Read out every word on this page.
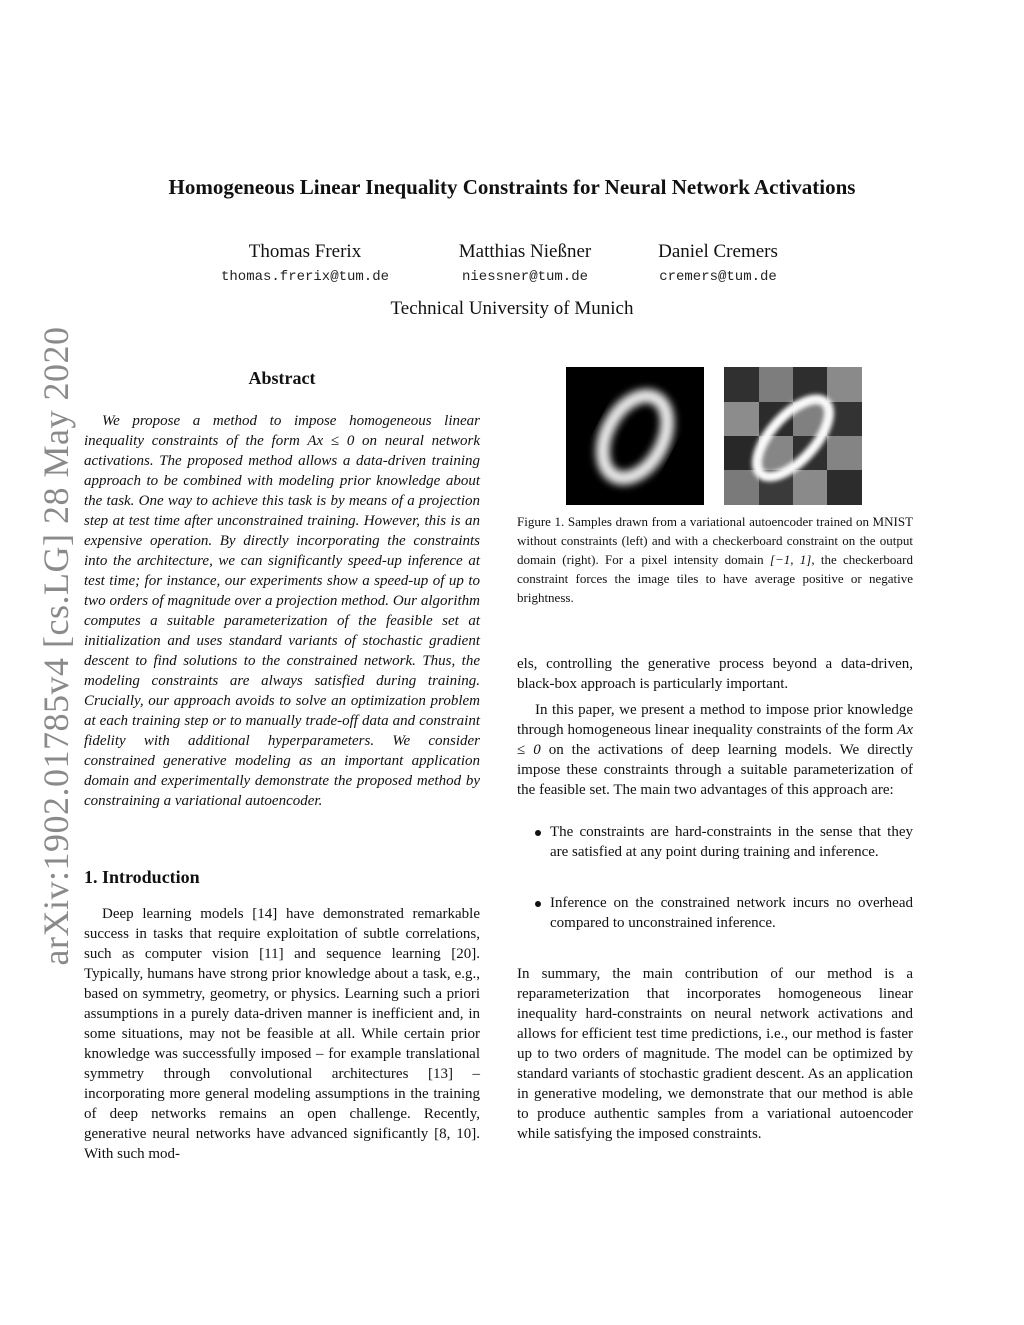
arXiv:1902.01785v4 [cs.LG] 28 May 2020
Homogeneous Linear Inequality Constraints for Neural Network Activations
Thomas Frerix
thomas.frerix@tum.de
Matthias Nießner
niessner@tum.de
Daniel Cremers
cremers@tum.de
Technical University of Munich
Abstract

We propose a method to impose homogeneous linear inequality constraints of the form Ax ≤ 0 on neural network activations. The proposed method allows a data-driven training approach to be combined with modeling prior knowledge about the task. One way to achieve this task is by means of a projection step at test time after unconstrained training. However, this is an expensive operation. By directly incorporating the constraints into the architecture, we can significantly speed-up inference at test time; for instance, our experiments show a speed-up of up to two orders of magnitude over a projection method. Our algorithm computes a suitable parameterization of the feasible set at initialization and uses standard variants of stochastic gradient descent to find solutions to the constrained network. Thus, the modeling constraints are always satisfied during training. Crucially, our approach avoids to solve an optimization problem at each training step or to manually trade-off data and constraint fidelity with additional hyperparameters. We consider constrained generative modeling as an important application domain and experimentally demonstrate the proposed method by constraining a variational autoencoder.

1. Introduction

Deep learning models [14] have demonstrated remarkable success in tasks that require exploitation of subtle correlations, such as computer vision [11] and sequence learning [20]. Typically, humans have strong prior knowledge about a task, e.g., based on symmetry, geometry, or physics. Learning such a priori assumptions in a purely data-driven manner is inefficient and, in some situations, may not be feasible at all. While certain prior knowledge was successfully imposed – for example translational symmetry through convolutional architectures [13] – incorporating more general modeling assumptions in the training of deep networks remains an open challenge. Recently, generative neural networks have advanced significantly [8, 10]. With such mod-

Figure 1. Samples drawn from a variational autoencoder trained on MNIST without constraints (left) and with a checkerboard constraint on the output domain (right). For a pixel intensity domain [−1, 1], the checkerboard constraint forces the image tiles to have average positive or negative brightness.

els, controlling the generative process beyond a data-driven, black-box approach is particularly important.

In this paper, we present a method to impose prior knowledge through homogeneous linear inequality constraints of the form Ax ≤ 0 on the activations of deep learning models. We directly impose these constraints through a suitable parameterization of the feasible set. The main two advantages of this approach are:

The constraints are hard-constraints in the sense that they are satisfied at any point during training and inference.
Inference on the constrained network incurs no overhead compared to unconstrained inference.

In summary, the main contribution of our method is a reparameterization that incorporates homogeneous linear inequality hard-constraints on neural network activations and allows for efficient test time predictions, i.e., our method is faster up to two orders of magnitude. The model can be optimized by standard variants of stochastic gradient descent. As an application in generative modeling, we demonstrate that our method is able to produce authentic samples from a variational autoencoder while satisfying the imposed constraints.
